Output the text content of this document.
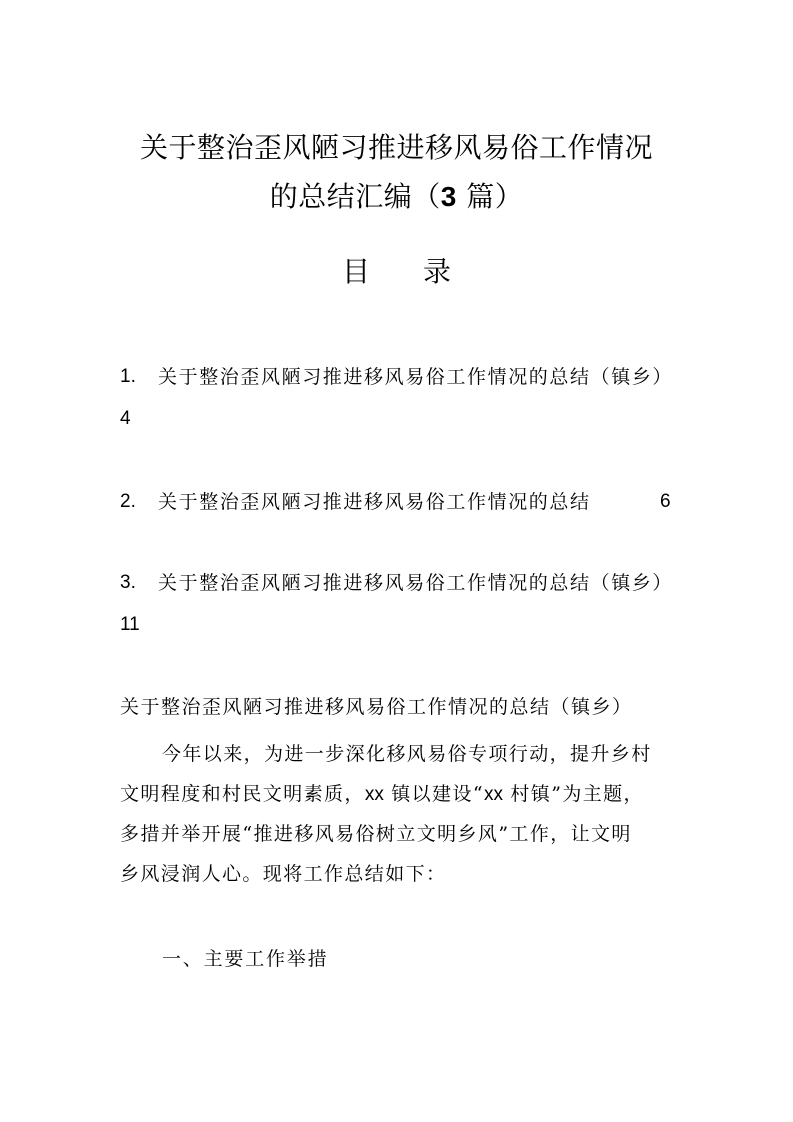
关于整治歪风陋习推进移风易俗工作情况
的总结汇编（3 篇）
目 录
1. 关于整治歪风陋习推进移风易俗工作情况的总结（镇乡）
4
2. 关于整治歪风陋习推进移风易俗工作情况的总结	6
3. 关于整治歪风陋习推进移风易俗工作情况的总结（镇乡）
11
关于整治歪风陋习推进移风易俗工作情况的总结（镇乡）
今年以来，为进一步深化移风易俗专项行动，提升乡村
文明程度和村民文明素质，xx 镇以建设“xx 村镇”为主题，
多措并举开展“推进移风易俗树立文明乡风”工作，让文明
乡风浸润人心。现将工作总结如下：
一、主要工作举措
